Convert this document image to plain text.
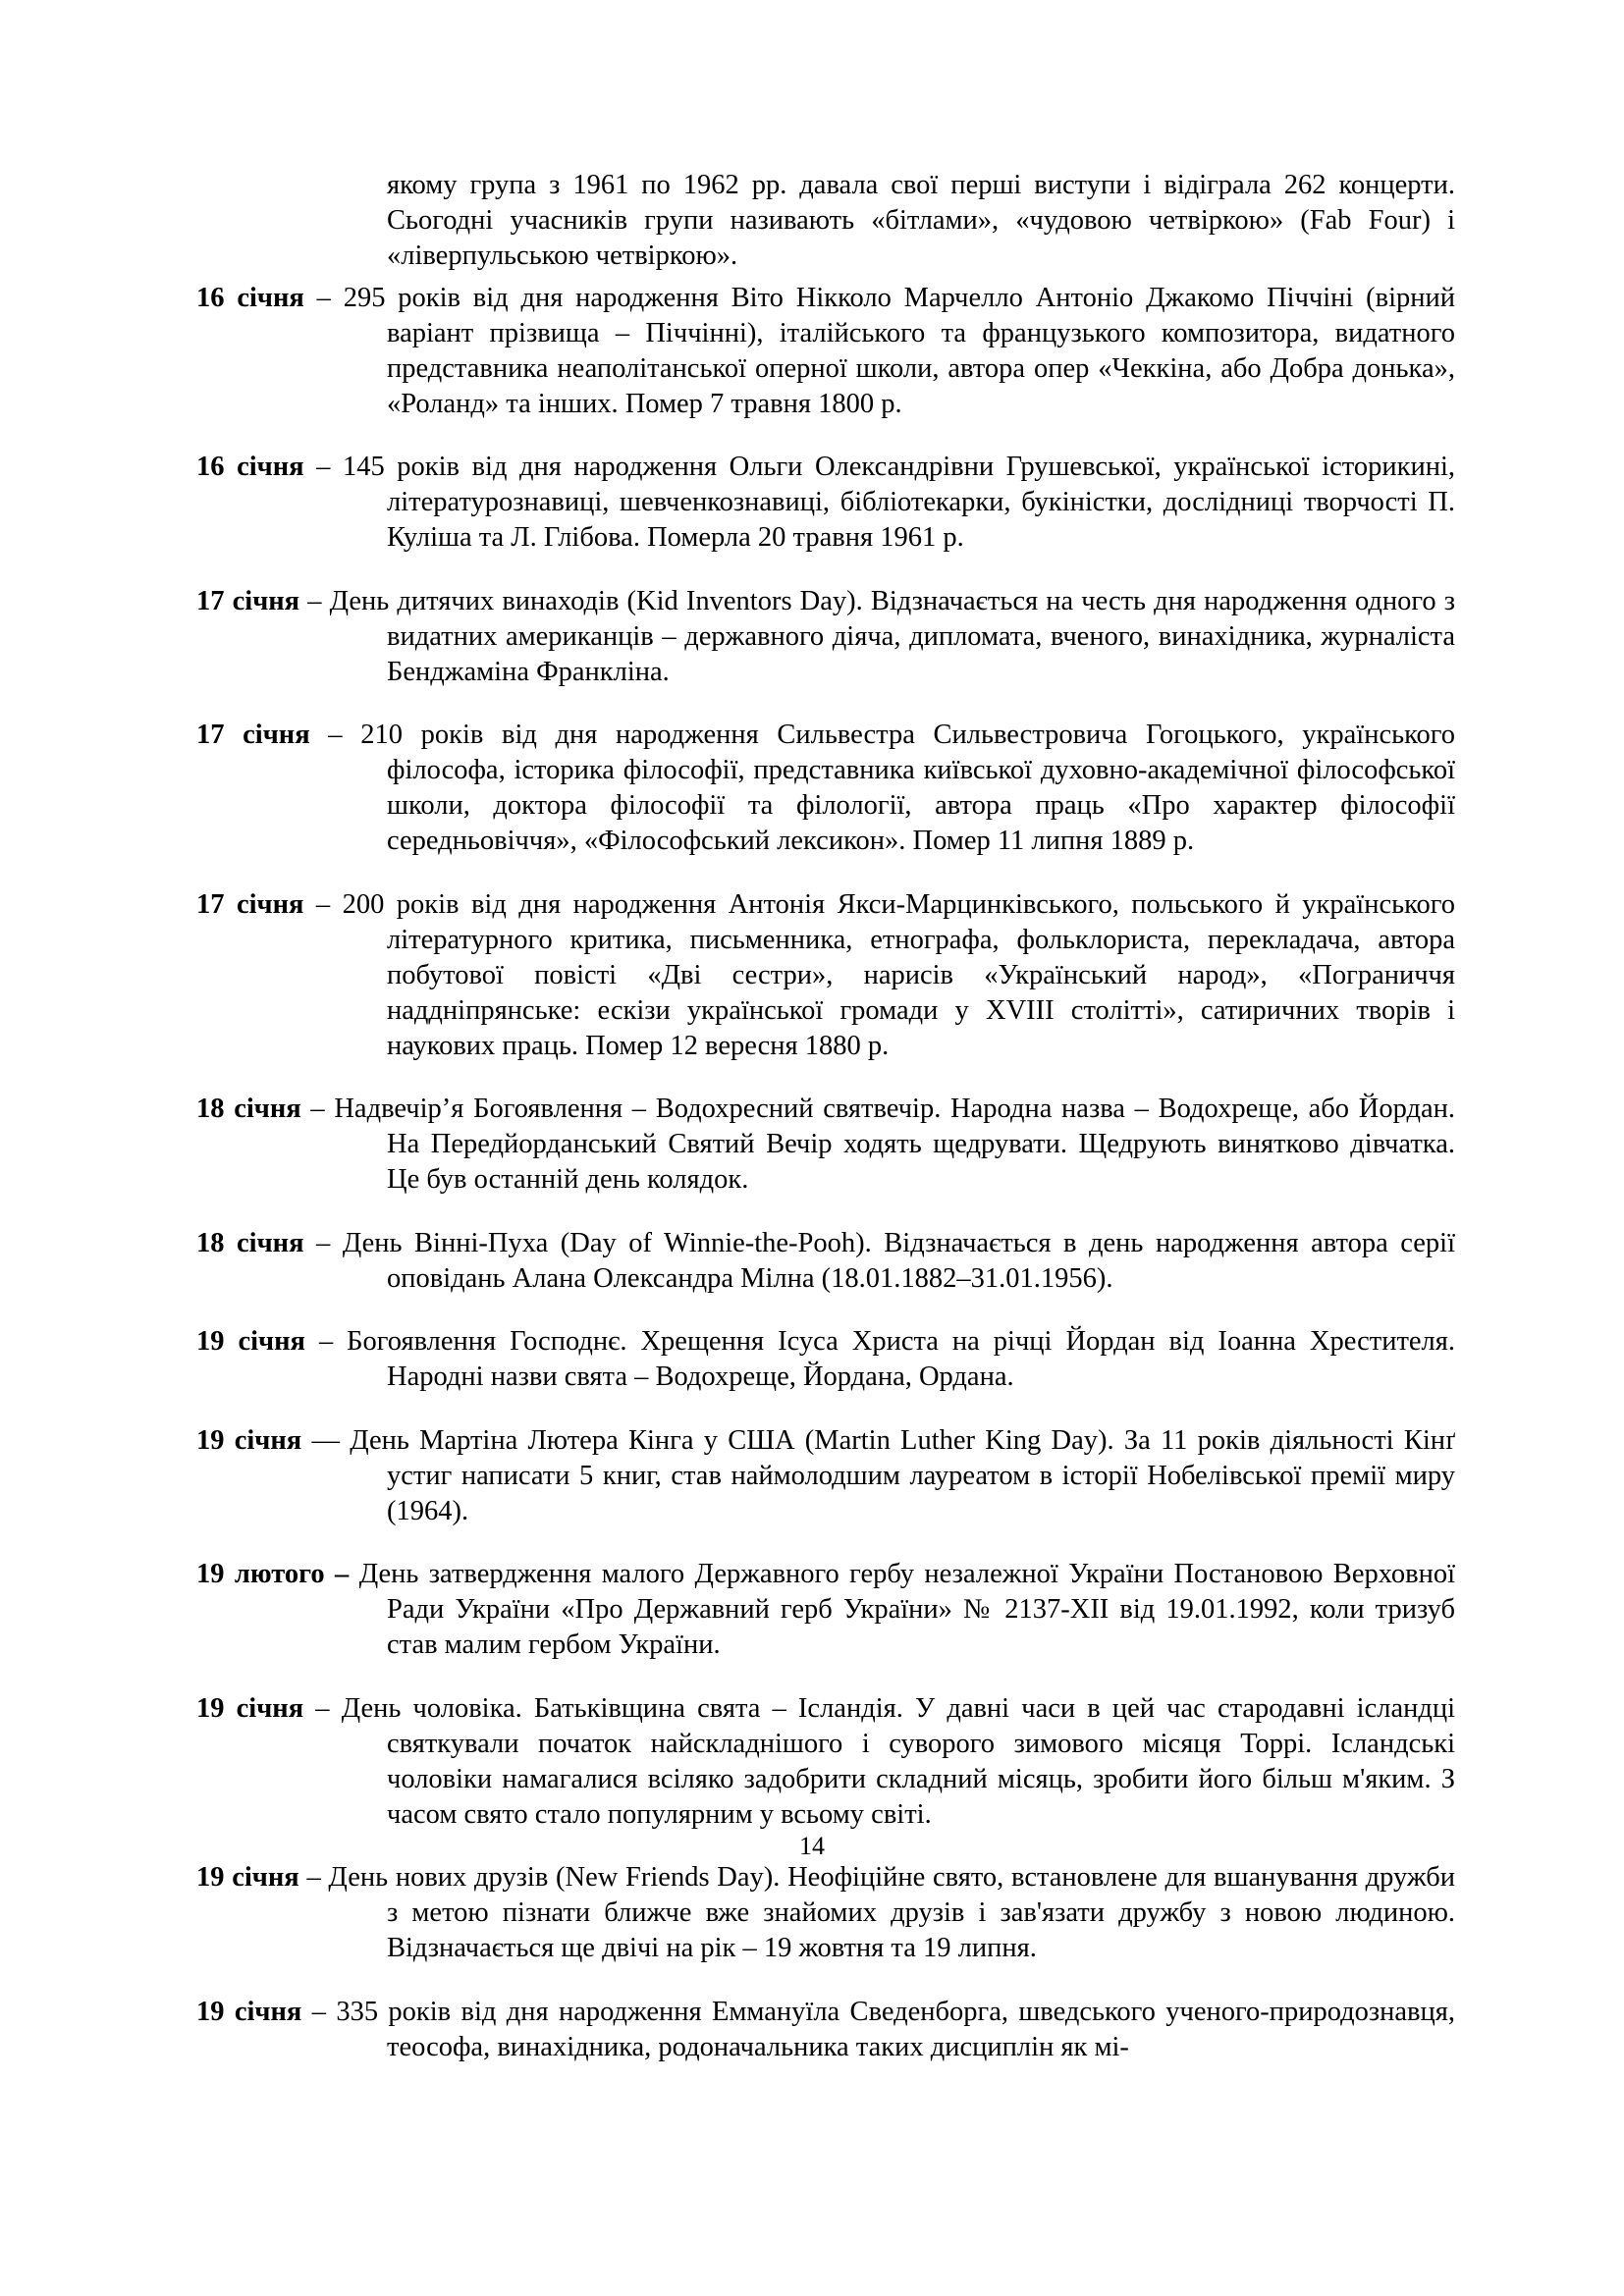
якому група з 1961 по 1962 рр. давала свої перші виступи і відіграла 262 концерти. Сьогодні учасників групи називають «бітлами», «чудовою четвіркою» (Fab Four) і «ліверпульською четвіркою».

16 січня – 295 років від дня народження Віто Нікколо Марчелло Антоніо Джакомо Піччіні (вірний варіант прізвища – Піччінні), італійського та французького композитора, видатного представника неаполітанської оперної школи, автора опер «Чеккіна, або Добра донька», «Роланд» та інших. Помер 7 травня 1800 р.

16 січня – 145 років від дня народження Ольги Олександрівни Грушевської, української історикині, літературознавиці, шевченкознавиці, бібліотекарки, букіністки, дослідниці творчості П. Куліша та Л. Глібова. Померла 20 травня 1961 р.

17 січня – День дитячих винаходів (Kid Inventors Day). Відзначається на честь дня народження одного з видатних американців – державного діяча, дипломата, вченого, винахідника, журналіста Бенджаміна Франкліна.

17 січня – 210 років від дня народження Сильвестра Сильвестровича Гогоцького, українського філософа, історика філософії, представника київської духовно-академічної філософської школи, доктора філософії та філології, автора праць «Про характер філософії середньовіччя», «Філософський лексикон». Помер 11 липня 1889 р.

17 січня – 200 років від дня народження Антонія Якси-Марцинківського, польського й українського літературного критика, письменника, етнографа, фольклориста, перекладача, автора побутової повісті «Дві сестри», нарисів «Український народ», «Пограниччя наддніпрянське: ескізи української громади у XVIII столітті», сатиричних творів і наукових праць. Помер 12 вересня 1880 р.

18 січня – Надвечір’я Богоявлення – Водохресний святвечір. Народна назва – Водохреще, або Йордан. На Передйорданський Святий Вечір ходять щедрувати. Щедрують винятково дівчатка. Це був останній день колядок.

18 січня – День Вінні-Пуха (Day of Winnie-the-Pooh). Відзначається в день народження автора серії оповідань Алана Олександра Мілна (18.01.1882–31.01.1956).

19 січня – Богоявлення Господнє. Хрещення Ісуса Христа на річці Йордан від Іоанна Хрестителя. Народні назви свята – Водохреще, Йордана, Ордана.

19 січня — День Мартіна Лютера Кінга у США (Martin Luther King Day). За 11 років діяльності Кінґ устиг написати 5 книг, став наймолодшим лауреатом в історії Нобелівської премії миру (1964).

19 лютого – День затвердження малого Державного гербу незалежної України Постановою Верховної Ради України «Про Державний герб України» № 2137-XII від 19.01.1992, коли тризуб став малим гербом України.

19 січня – День чоловіка. Батьківщина свята – Ісландія. У давні часи в цей час стародавні ісландці святкували початок найскладнішого і суворого зимового місяця Торрі. Ісландські чоловіки намагалися всіляко задобрити складний місяць, зробити його більш м'яким. З часом свято стало популярним у всьому світі.

19 січня – День нових друзів (New Friends Day). Неофіційне свято, встановлене для вшанування дружби з метою пізнати ближче вже знайомих друзів і зав'язати дружбу з новою людиною. Відзначається ще двічі на рік – 19 жовтня та 19 липня.

19 січня – 335 років від дня народження Еммануїла Сведенборга, шведського ученого-природознавця, теософа, винахідника, родоначальника таких дисциплін як мі-

14
